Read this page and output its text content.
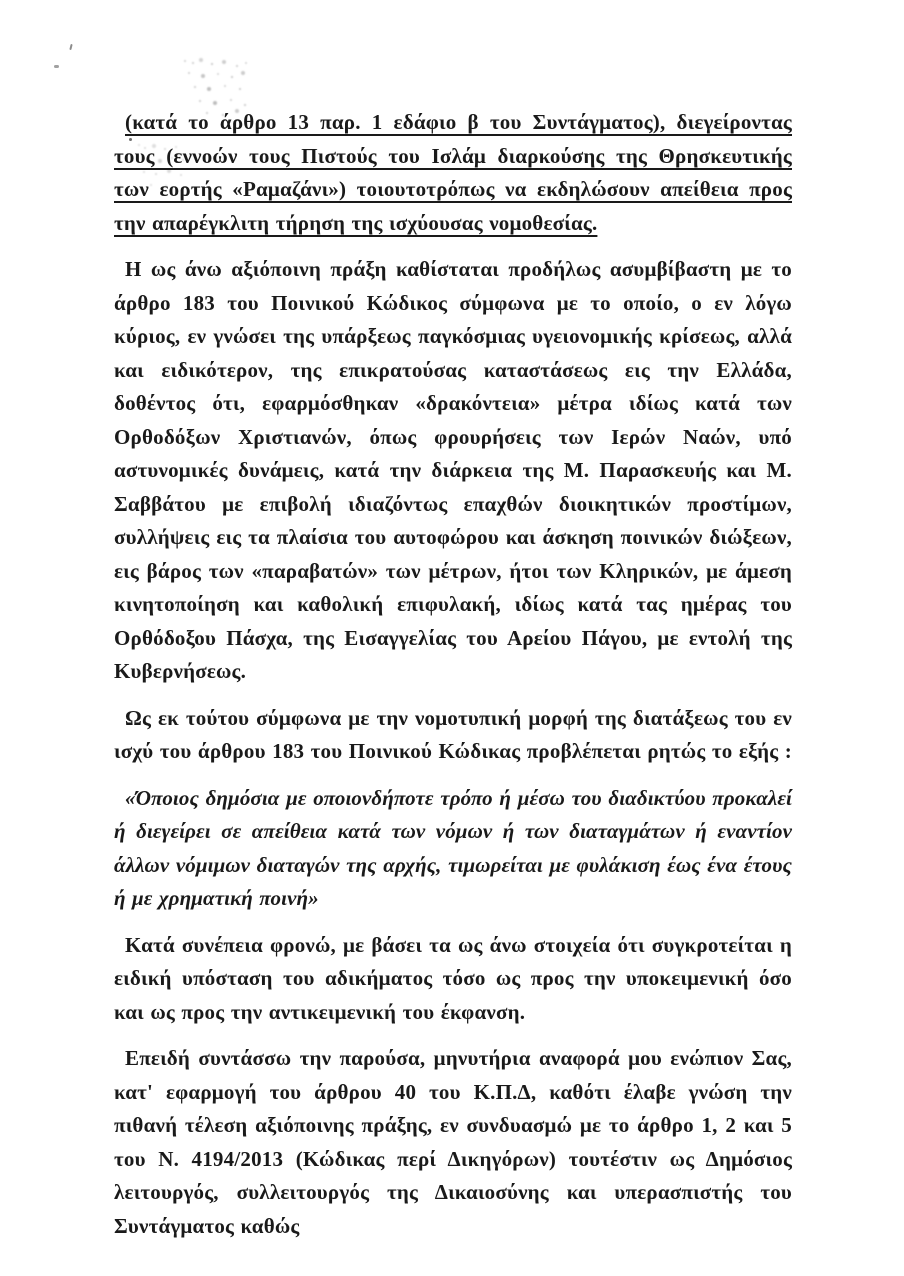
(κατά το άρθρο 13 παρ. 1 εδάφιο β του Συντάγματος), διεγείροντας τους (εννοών τους Πιστούς του Ισλάμ διαρκούσης της Θρησκευτικής των εορτής «Ραμαζάνι») τοιουτοτρόπως να εκδηλώσουν απείθεια προς την απαρέγκλιτη τήρηση της ισχύουσας νομοθεσίας.

Η ως άνω αξιόποινη πράξη καθίσταται προδήλως ασυμβίβαστη με το άρθρο 183 του Ποινικού Κώδικος σύμφωνα με το οποίο, ο εν λόγω κύριος, εν γνώσει της υπάρξεως παγκόσμιας υγειονομικής κρίσεως, αλλά και ειδικότερον, της επικρατούσας καταστάσεως εις την Ελλάδα, δοθέντος ότι, εφαρμόσθηκαν «δρακόντεια» μέτρα ιδίως κατά των Ορθοδόξων Χριστιανών, όπως φρουρήσεις των Ιερών Ναών, υπό αστυνομικές δυνάμεις, κατά την διάρκεια της Μ. Παρασκευής και Μ. Σαββάτου με επιβολή ιδιαζόντως επαχθών διοικητικών προστίμων, συλλήψεις εις τα πλαίσια του αυτοφώρου και άσκηση ποινικών διώξεων, εις βάρος των «παραβατών» των μέτρων, ήτοι των Κληρικών, με άμεση κινητοποίηση και καθολική επιφυλακή, ιδίως κατά τας ημέρας του Ορθόδοξου Πάσχα, της Εισαγγελίας του Αρείου Πάγου, με εντολή της Κυβερνήσεως.

Ως εκ τούτου σύμφωνα με την νομοτυπική μορφή της διατάξεως του εν ισχύ του άρθρου 183 του Ποινικού Κώδικας προβλέπεται ρητώς το εξής :

«Όποιος δημόσια με οποιονδήποτε τρόπο ή μέσω του διαδικτύου προκαλεί ή διεγείρει σε απείθεια κατά των νόμων ή των διαταγμάτων ή εναντίον άλλων νόμιμων διαταγών της αρχής, τιμωρείται με φυλάκιση έως ένα έτους ή με χρηματική ποινή»

Κατά συνέπεια φρονώ, με βάσει τα ως άνω στοιχεία ότι συγκροτείται η ειδική υπόσταση του αδικήματος τόσο ως προς την υποκειμενική όσο και ως προς την αντικειμενική του έκφανση.

Επειδή συντάσσω την παρούσα, μηνυτήρια αναφορά μου ενώπιον Σας, κατ' εφαρμογή του άρθρου 40 του Κ.Π.Δ, καθότι έλαβε γνώση την πιθανή τέλεση αξιόποινης πράξης, εν συνδυασμώ με το άρθρο 1, 2 και 5 του Ν. 4194/2013 (Κώδικας περί Δικηγόρων) τουτέστιν ως Δημόσιος λειτουργός, συλλειτουργός της Δικαιοσύνης και υπερασπιστής του Συντάγματος καθώς
